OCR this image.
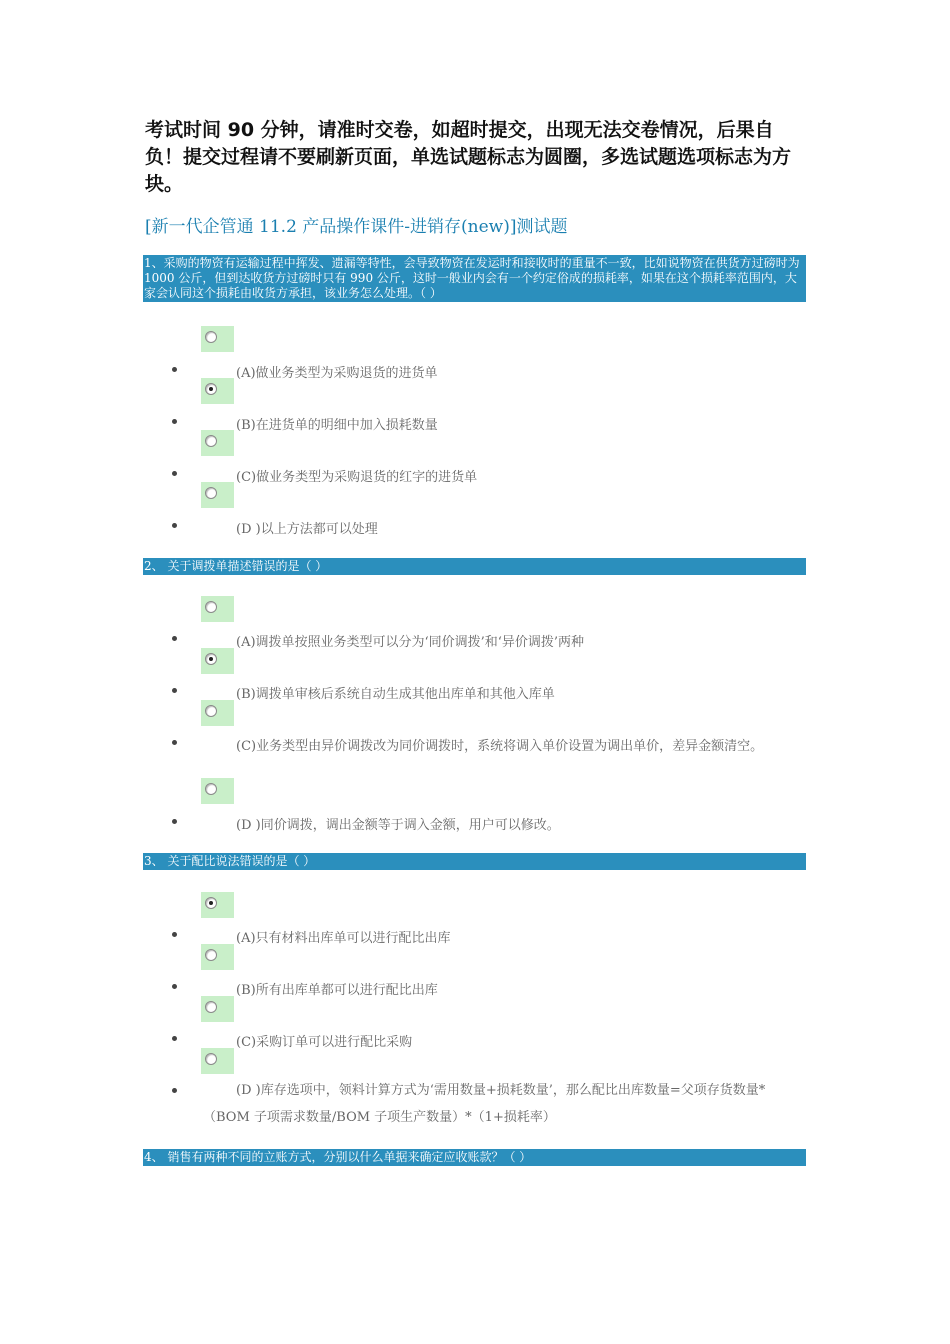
考试时间 90 分钟，请准时交卷，如超时提交，出现无法交卷情况，后果自负！提交过程请不要刷新页面，单选试题标志为圆圈，多选试题选项标志为方块。
[新一代企管通 11.2 产品操作课件-进销存(new)]测试题
1、采购的物资有运输过程中挥发、遗漏等特性，会导致物资在发运时和接收时的重量不一致，比如说物资在供货方过磅时为 1000 公斤，但到达收货方过磅时只有 990 公斤，这时一般业内会有一个约定俗成的损耗率，如果在这个损耗率范围内，大家会认同这个损耗由收货方承担，该业务怎么处理。（ ）
(A)做业务类型为采购退货的进货单
(B)在进货单的明细中加入损耗数量
(C)做业务类型为采购退货的红字的进货单
(D )以上方法都可以处理
2、 关于调拨单描述错误的是（ ）
(A)调拨单按照业务类型可以分为‘同价调拨’和‘异价调拨’两种
(B)调拨单审核后系统自动生成其他出库单和其他入库单
(C)业务类型由异价调拨改为同价调拨时，系统将调入单价设置为调出单价，差异金额清空。
(D )同价调拨，调出金额等于调入金额，用户可以修改。
3、 关于配比说法错误的是（ ）
(A)只有材料出库单可以进行配比出库
(B)所有出库单都可以进行配比出库
(C)采购订单可以进行配比采购
(D )库存选项中，领料计算方式为‘需用数量+损耗数量’，那么配比出库数量=父项存货数量*（BOM 子项需求数量/BOM 子项生产数量）*（1+损耗率）
4、 销售有两种不同的立账方式，分别以什么单据来确定应收账款？（ ）
